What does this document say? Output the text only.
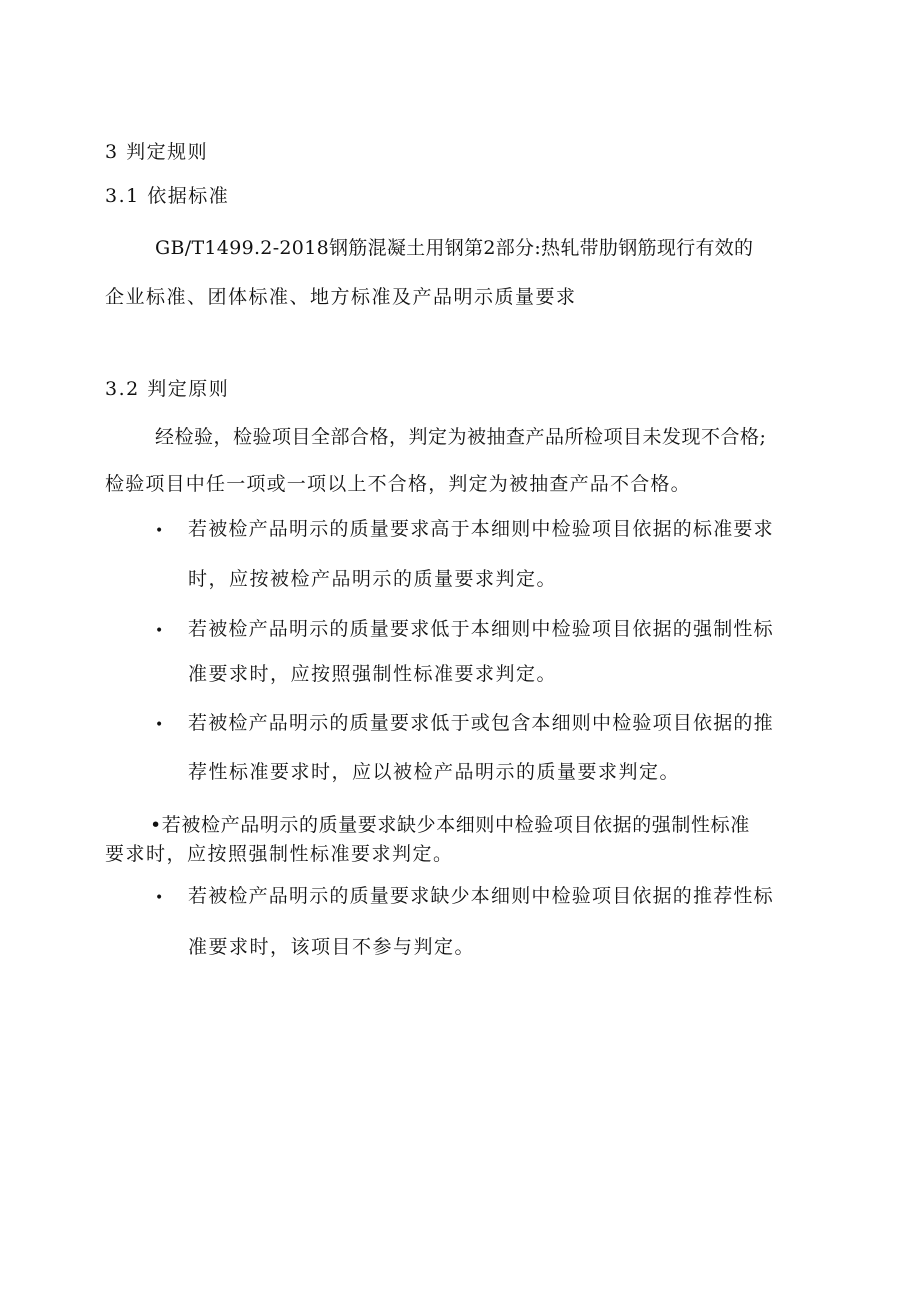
3 判定规则
3.1 依据标准
GB/T1499.2-2018钢筋混凝土用钢第2部分:热轧带肋钢筋现行有效的
企业标准、团体标准、地方标准及产品明示质量要求
3.2 判定原则
经检验，检验项目全部合格，判定为被抽查产品所检项目未发现不合格;
检验项目中任一项或一项以上不合格，判定为被抽查产品不合格。
• 若被检产品明示的质量要求高于本细则中检验项目依据的标准要求
时，应按被检产品明示的质量要求判定。
• 若被检产品明示的质量要求低于本细则中检验项目依据的强制性标
准要求时，应按照强制性标准要求判定。
• 若被检产品明示的质量要求低于或包含本细则中检验项目依据的推
荐性标准要求时，应以被检产品明示的质量要求判定。
•若被检产品明示的质量要求缺少本细则中检验项目依据的强制性标准
要求时，应按照强制性标准要求判定。
• 若被检产品明示的质量要求缺少本细则中检验项目依据的推荐性标
准要求时，该项目不参与判定。
